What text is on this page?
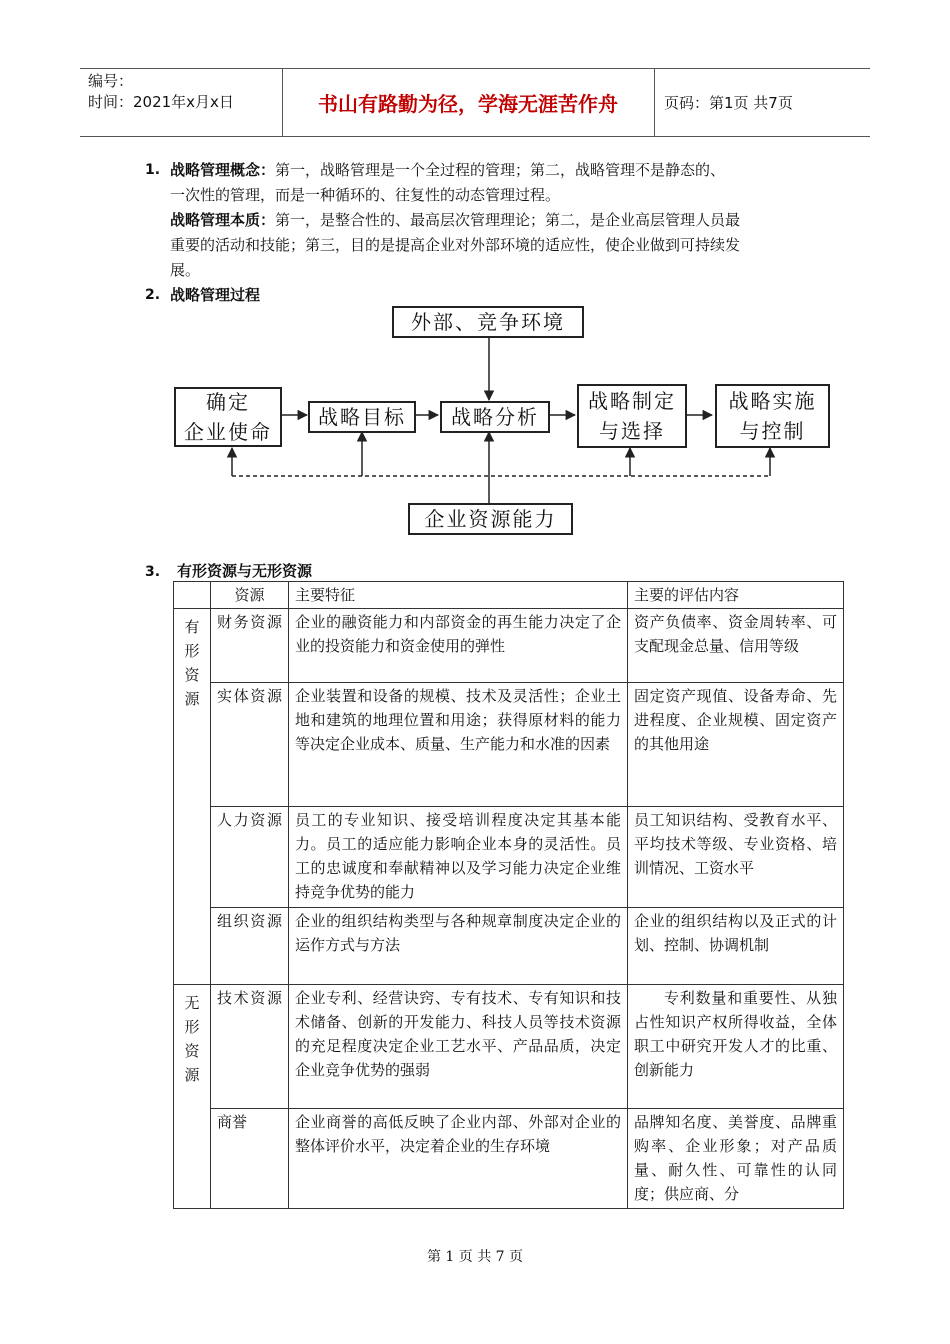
编号：
时间：2021年x月x日	书山有路勤为径，学海无涯苦作舟	页码：第1页 共7页
1. 战略管理概念：第一，战略管理是一个全过程的管理；第二，战略管理不是静态的、
一次性的管理，而是一种循环的、往复性的动态管理过程。
战略管理本质：第一，是整合性的、最高层次管理理论；第二，是企业高层管理人员最
重要的活动和技能；第三，目的是提高企业对外部环境的适应性，使企业做到可持续发
展。
2. 战略管理过程
外部、竞争环境
确定
企业使命
战略目标 战略分析
战略制定
与选择
战略实施
与控制
企业资源能力
3. 有形资源与无形资源
	资源	主要特征	主要的评估内容

有形资源	财务资源	企业的融资能力和内部资金的再生能力决定了企业的投资能力和资金使用的弹性	资产负债率、资金周转率、可支配现金总量、信用等级
	实体资源	企业装置和设备的规模、技术及灵活性；企业土地和建筑的地理位置和用途；获得原材料的能力等决定企业成本、质量、生产能力和水准的因素	固定资产现值、设备寿命、先进程度、企业规模、固定资产的其他用途
	人力资源	员工的专业知识、接受培训程度决定其基本能力。员工的适应能力影响企业本身的灵活性。员工的忠诚度和奉献精神以及学习能力决定企业维持竞争优势的能力	员工知识结构、受教育水平、平均技术等级、专业资格、培训情况、工资水平
	组织资源	企业的组织结构类型与各种规章制度决定企业的运作方式与方法	企业的组织结构以及正式的计划、控制、协调机制

无形资源	技术资源	企业专利、经营诀窍、专有技术、专有知识和技术储备、创新的开发能力、科技人员等技术资源的充足程度决定企业工艺水平、产品品质，决定企业竞争优势的强弱	专利数量和重要性、从独占性知识产权所得收益，全体职工中研究开发人才的比重、创新能力
	商誉	企业商誉的高低反映了企业内部、外部对企业的整体评价水平，决定着企业的生存环境	品牌知名度、美誉度、品牌重购率、企业形象；对产品质量、耐久性、可靠性的认同度；供应商、分
第 1 页 共 7 页
